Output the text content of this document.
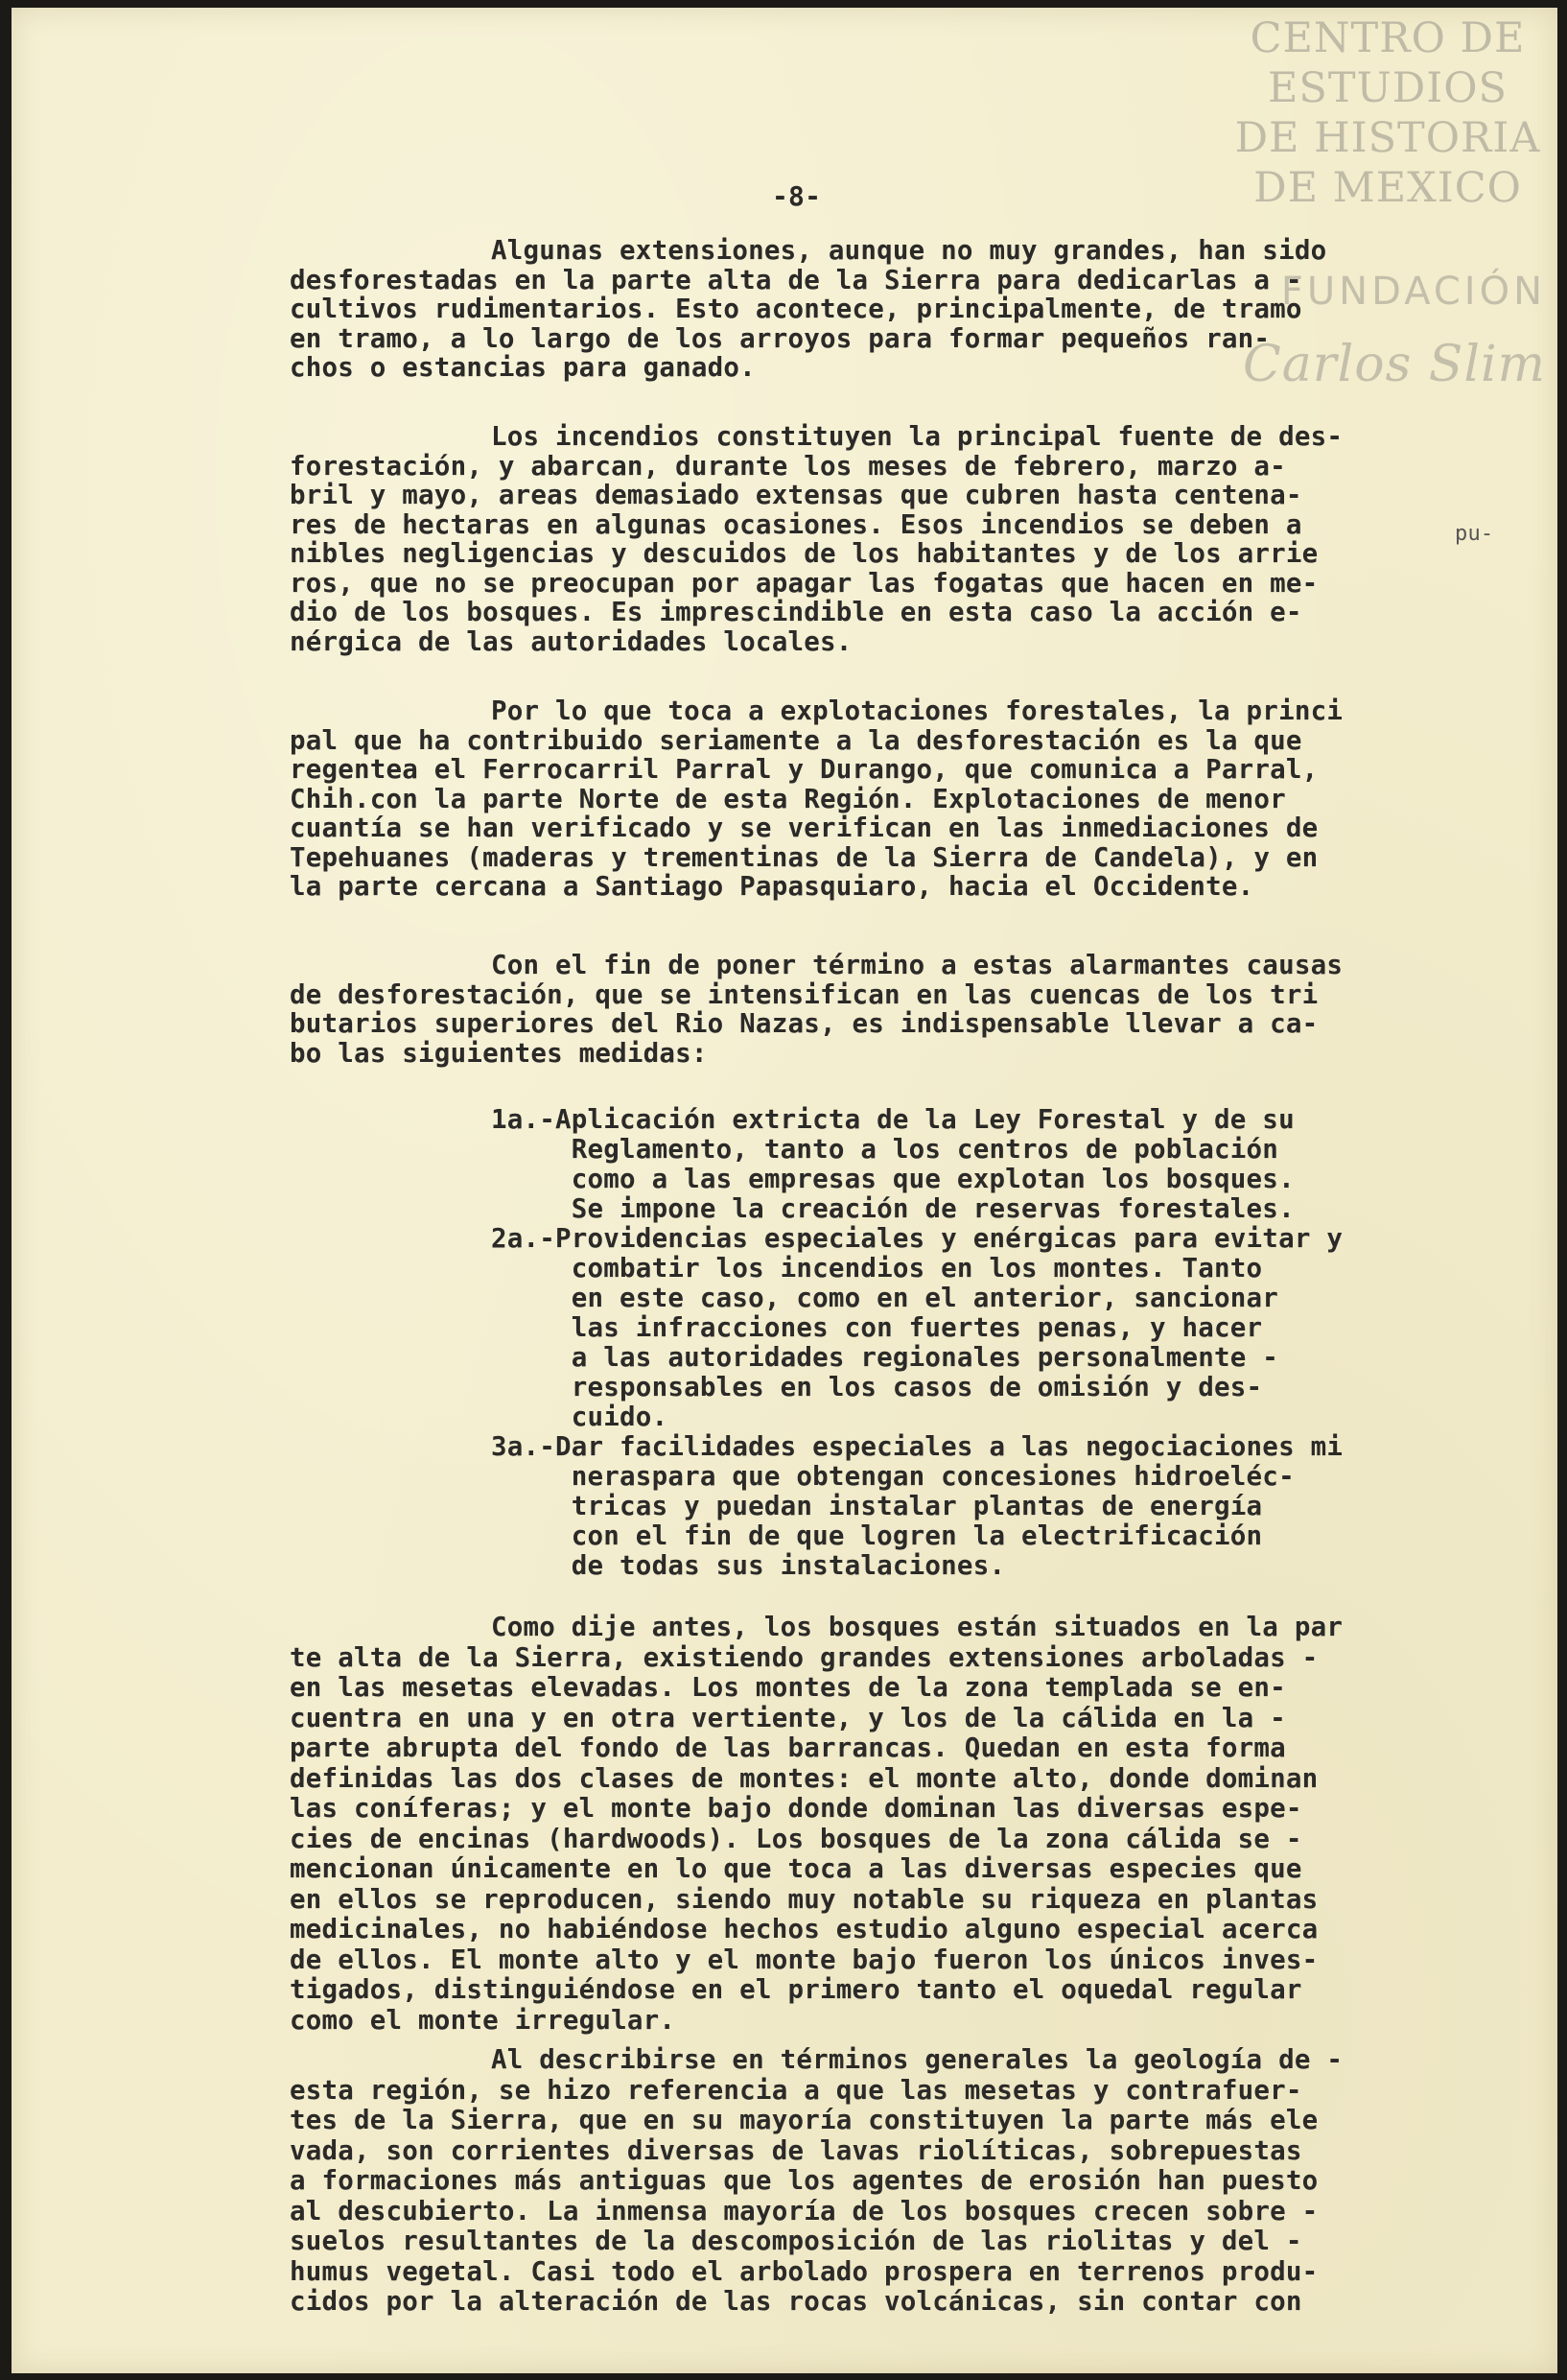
CENTRO DE
ESTUDIOS
DE HISTORIA
DE MEXICO
FUNDACIÓN
Carlos Slim
-8-
pu-
Algunas extensiones, aunque no muy grandes, han sido
desforestadas en la parte alta de la Sierra para dedicarlas a -
cultivos rudimentarios. Esto acontece, principalmente, de tramo
en tramo, a lo largo de los arroyos para formar pequeños ran-
chos o estancias para ganado.
Los incendios constituyen la principal fuente de des-
forestación, y abarcan, durante los meses de febrero, marzo a-
bril y mayo, areas demasiado extensas que cubren hasta centena-
res de hectaras en algunas ocasiones. Esos incendios se deben a
nibles negligencias y descuidos de los habitantes y de los arrie
ros, que no se preocupan por apagar las fogatas que hacen en me-
dio de los bosques. Es imprescindible en esta caso la acción e-
nérgica de las autoridades locales.
Por lo que toca a explotaciones forestales, la princi
pal que ha contribuido seriamente a la desforestación es la que
regentea el Ferrocarril Parral y Durango, que comunica a Parral,
Chih.con la parte Norte de esta Región. Explotaciones de menor
cuantía se han verificado y se verifican en las inmediaciones de
Tepehuanes (maderas y trementinas de la Sierra de Candela), y en
la parte cercana a Santiago Papasquiaro, hacia el Occidente.
Con el fin de poner término a estas alarmantes causas
de desforestación, que se intensifican en las cuencas de los tri
butarios superiores del Rio Nazas, es indispensable llevar a ca-
bo las siguientes medidas:
1a.-Aplicación extricta de la Ley Forestal y de su
Reglamento, tanto a los centros de población
como a las empresas que explotan los bosques.
Se impone la creación de reservas forestales.
2a.-Providencias especiales y enérgicas para evitar y
combatir los incendios en los montes. Tanto
en este caso, como en el anterior, sancionar
las infracciones con fuertes penas, y hacer
a las autoridades regionales personalmente -
responsables en los casos de omisión y des-
cuido.
3a.-Dar facilidades especiales a las negociaciones mi
neraspara que obtengan concesiones hidroeléc-
tricas y puedan instalar plantas de energía
con el fin de que logren la electrificación
de todas sus instalaciones.
Como dije antes, los bosques están situados en la par
te alta de la Sierra, existiendo grandes extensiones arboladas -
en las mesetas elevadas. Los montes de la zona templada se en-
cuentra en una y en otra vertiente, y los de la cálida en la -
parte abrupta del fondo de las barrancas. Quedan en esta forma
definidas las dos clases de montes: el monte alto, donde dominan
las coníferas; y el monte bajo donde dominan las diversas espe-
cies de encinas (hardwoods). Los bosques de la zona cálida se -
mencionan únicamente en lo que toca a las diversas especies que
en ellos se reproducen, siendo muy notable su riqueza en plantas
medicinales, no habiéndose hechos estudio alguno especial acerca
de ellos. El monte alto y el monte bajo fueron los únicos inves-
tigados, distinguiéndose en el primero tanto el oquedal regular
como el monte irregular.
Al describirse en términos generales la geología de -
esta región, se hizo referencia a que las mesetas y contrafuer-
tes de la Sierra, que en su mayoría constituyen la parte más ele
vada, son corrientes diversas de lavas riolíticas, sobrepuestas
a formaciones más antiguas que los agentes de erosión han puesto
al descubierto. La inmensa mayoría de los bosques crecen sobre -
suelos resultantes de la descomposición de las riolitas y del -
humus vegetal. Casi todo el arbolado prospera en terrenos produ-
cidos por la alteración de las rocas volcánicas, sin contar con
